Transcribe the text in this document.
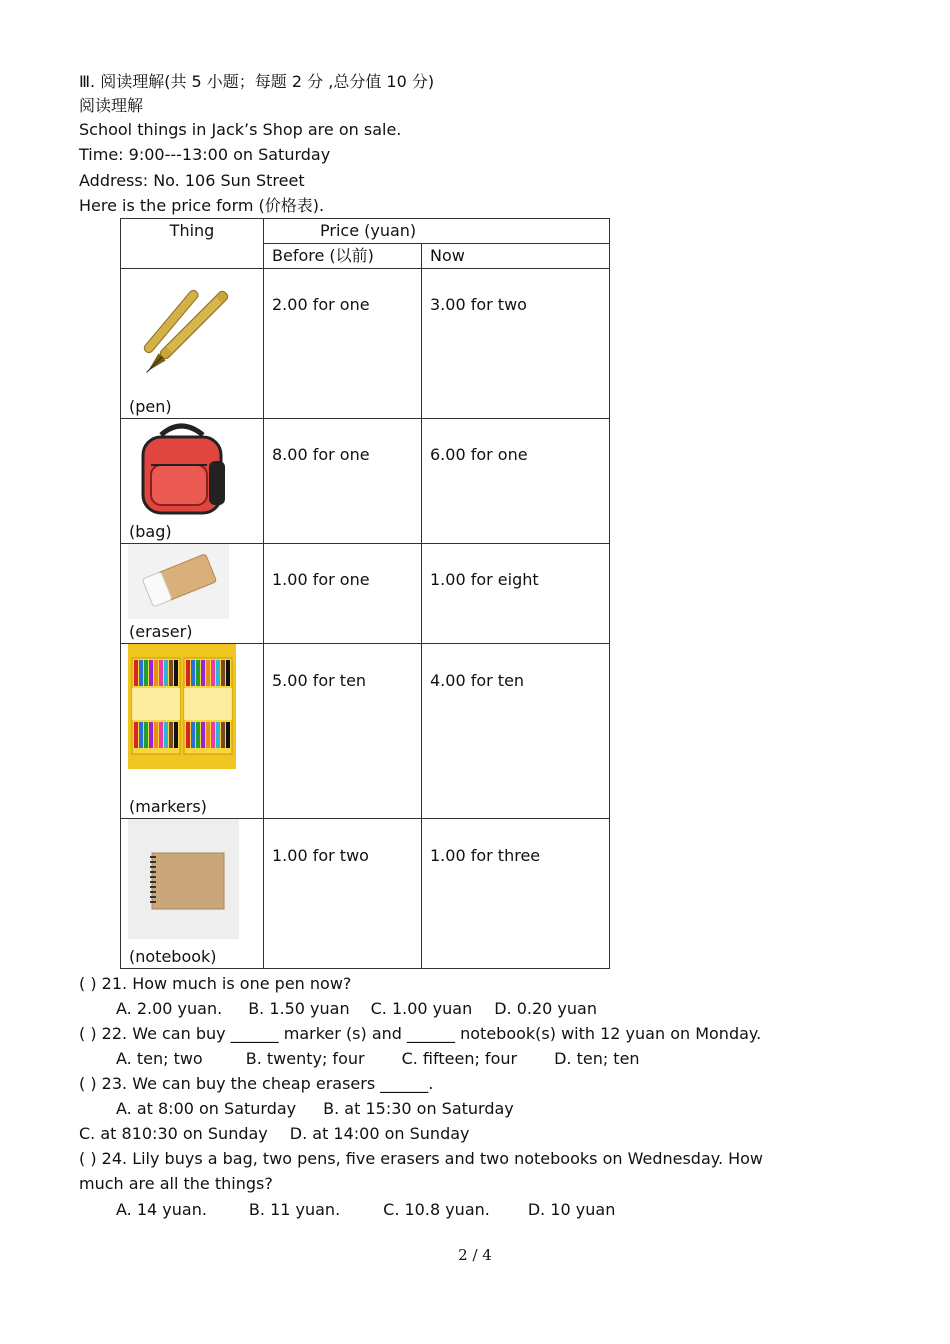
Ⅲ. 阅读理解(共 5 小题；每题 2 分 ,总分值 10 分)
阅读理解
School things in Jack’s Shop are on sale.
Time: 9:00---13:00 on Saturday
Address: No. 106 Sun Street
Here is the price form (价格表).
Thing	Price (yuan)	
	Before (以前)	Now

(pen)	2.00 for one	3.00 for two

(bag)	8.00 for one	6.00 for one

(eraser)	1.00 for one	1.00 for eight

(markers)	5.00 for ten	4.00 for ten

(notebook)	1.00 for two	1.00 for three
( ) 21. How much is one pen now?
A. 2.00 yuan. B. 1.50 yuan C. 1.00 yuan D. 0.20 yuan
( ) 22. We can buy ______ marker (s) and ______ notebook(s) with 12 yuan on Monday.
A. ten; two	B. twenty; four C. fifteen; four D. ten; ten
( ) 23. We can buy the cheap erasers ______.
A. at 8:00 on Saturday B. at 15:30 on Saturday
C. at 810:30 on Sunday D. at 14:00 on Sunday
( ) 24. Lily buys a bag, two pens, five erasers and two notebooks on Wednesday. How
much are all the things?
A. 14 yuan.	B. 11 yuan.	C. 10.8 yuan. D. 10 yuan
2 / 4
